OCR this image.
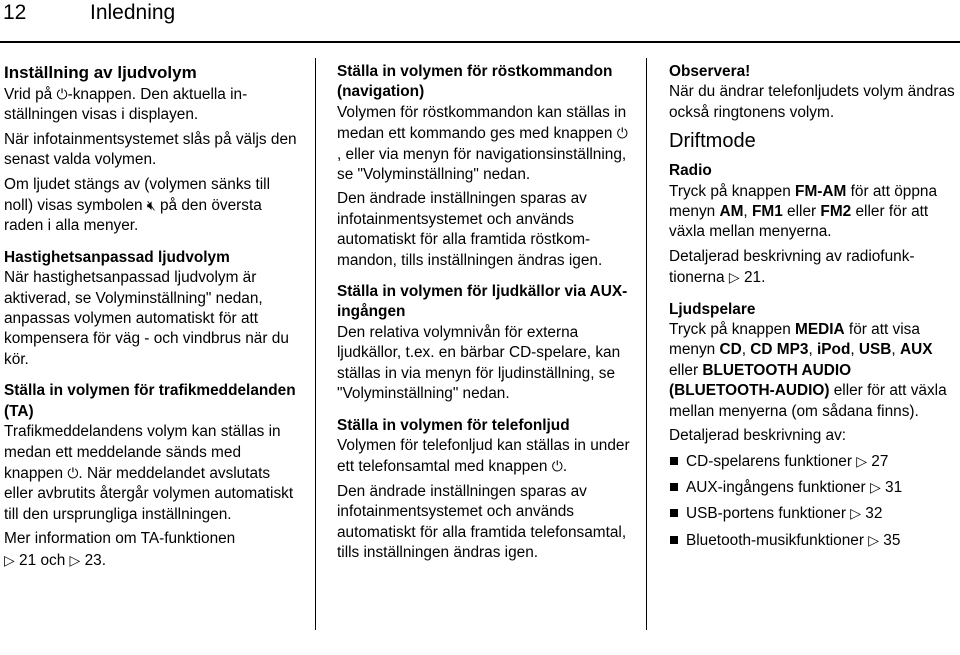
12	Inledning
Inställning av ljudvolym

Vrid på ⏻-knappen. Den aktuella inställningen visas i displayen.

När infotainmentsystemet slås på väljs den senast valda volymen.

Om ljudet stängs av (volymen sänks till noll) visas symbolen 🔇︎ på den översta raden i alla menyer.

Hastighetsanpassad ljudvolym

När hastighetsanpassad ljudvolym är aktiverad, se Volyminställning" nedan, anpassas volymen automatiskt för att kompensera för väg - och vindbrus när du kör.

Ställa in volymen för trafikmeddelanden (TA)

Trafikmeddelandens volym kan ställas in medan ett meddelande sänds med knappen ⏻. När meddelandet avslutats eller avbrutits återgår volymen automatiskt till den ursprungliga inställningen.

Mer information om TA-funktionen
▷ 21 och ▷ 23.

Ställa in volymen för röstkommandon (navigation)

Volymen för röstkommandon kan ställas in medan ett kommando ges med knappen ⏻, eller via menyn för navigationsinställning, se "Volyminställning" nedan.

Den ändrade inställningen sparas av infotainmentsystemet och används automatiskt för alla framtida röstkommandon, tills inställningen ändras igen.

Ställa in volymen för ljudkällor via AUX-ingången

Den relativa volymnivån för externa ljudkällor, t.ex. en bärbar CD-spelare, kan ställas in via menyn för ljudinställning, se "Volyminställning" nedan.

Ställa in volymen för telefonljud

Volymen för telefonljud kan ställas in under ett telefonsamtal med knappen ⏻.

Den ändrade inställningen sparas av infotainmentsystemet och används automatiskt för alla framtida telefonsamtal, tills inställningen ändras igen.

Observera!

När du ändrar telefonljudets volym ändras också ringtonens volym.

Driftmode
Radio

Tryck på knappen FM-AM för att öppna menyn AM, FM1 eller FM2 eller för att växla mellan menyerna.

Detaljerad beskrivning av radiofunktionerna ▷ 21.

Ljudspelare

Tryck på knappen MEDIA för att visa menyn CD, CD MP3, iPod, USB, AUX eller BLUETOOTH AUDIO (BLUETOOTH-AUDIO) eller för att växla mellan menyerna (om sådana finns).

Detaljerad beskrivning av:

CD-spelarens funktioner ▷ 27
AUX-ingångens funktioner ▷ 31
USB-portens funktioner ▷ 32
Bluetooth-musikfunktioner ▷ 35
